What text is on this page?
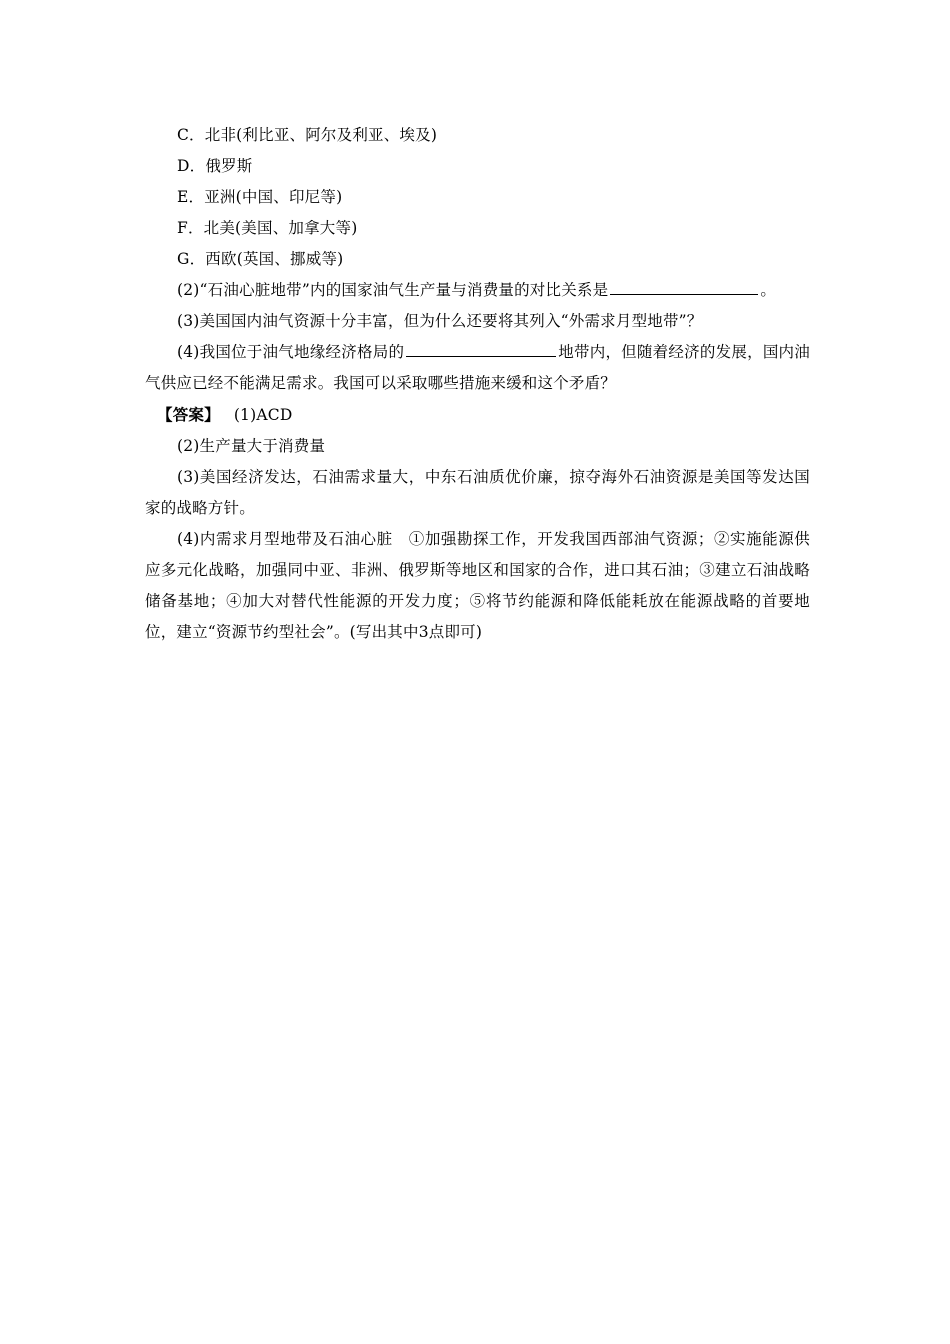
C．北非(利比亚、阿尔及利亚、埃及)

D．俄罗斯

E．亚洲(中国、印尼等)

F．北美(美国、加拿大等)

G．西欧(英国、挪威等)

(2)“石油心脏地带”内的国家油气生产量与消费量的对比关系是	。

(3)美国国内油气资源十分丰富，但为什么还要将其列入“外需求月型地带”？

(4)我国位于油气地缘经济格局的	地带内，但随着经济的发展，国内油气供应已经不能满足需求。我国可以采取哪些措施来缓和这个矛盾？

【答案】 (1)ACD

(2)生产量大于消费量

(3)美国经济发达，石油需求量大，中东石油质优价廉，掠夺海外石油资源是美国等发达国家的战略方针。

(4)内需求月型地带及石油心脏　①加强勘探工作，开发我国西部油气资源；②实施能源供应多元化战略，加强同中亚、非洲、俄罗斯等地区和国家的合作，进口其石油；③建立石油战略储备基地；④加大对替代性能源的开发力度；⑤将节约能源和降低能耗放在能源战略的首要地位，建立“资源节约型社会”。(写出其中3点即可)
